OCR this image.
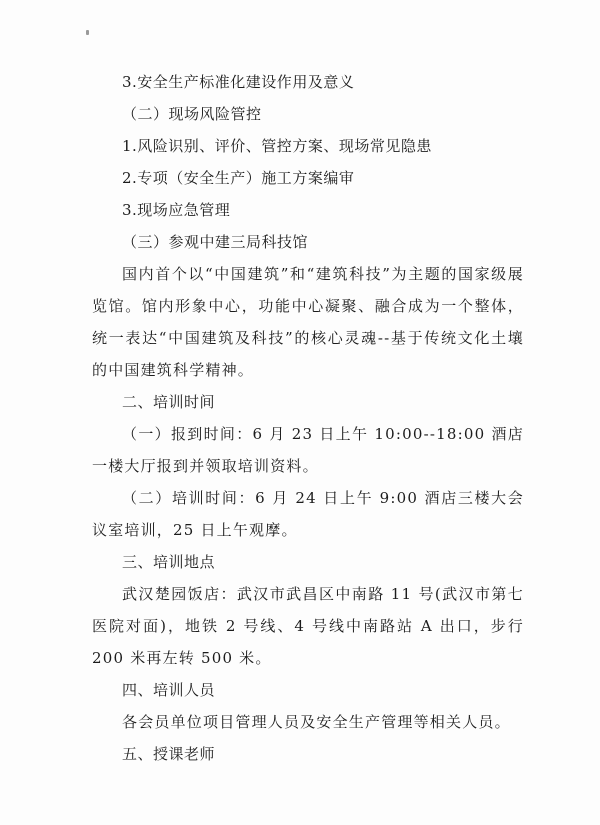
3.安全生产标准化建设作用及意义

（二）现场风险管控

1.风险识别、评价、管控方案、现场常见隐患

2.专项（安全生产）施工方案编审

3.现场应急管理

（三）参观中建三局科技馆

国内首个以“中国建筑”和“建筑科技”为主题的国家级展览馆。馆内形象中心，功能中心凝聚、融合成为一个整体，统一表达“中国建筑及科技”的核心灵魂--基于传统文化土壤的中国建筑科学精神。

二、培训时间

（一）报到时间：6 月 23 日上午 10:00--18:00 酒店一楼大厅报到并领取培训资料。

（二）培训时间：6 月 24 日上午 9:00 酒店三楼大会议室培训，25 日上午观摩。

三、培训地点

武汉楚园饭店：武汉市武昌区中南路 11 号(武汉市第七医院对面)，地铁 2 号线、4 号线中南路站 A 出口，步行 200 米再左转 500 米。

四、培训人员

各会员单位项目管理人员及安全生产管理等相关人员。

五、授课老师
